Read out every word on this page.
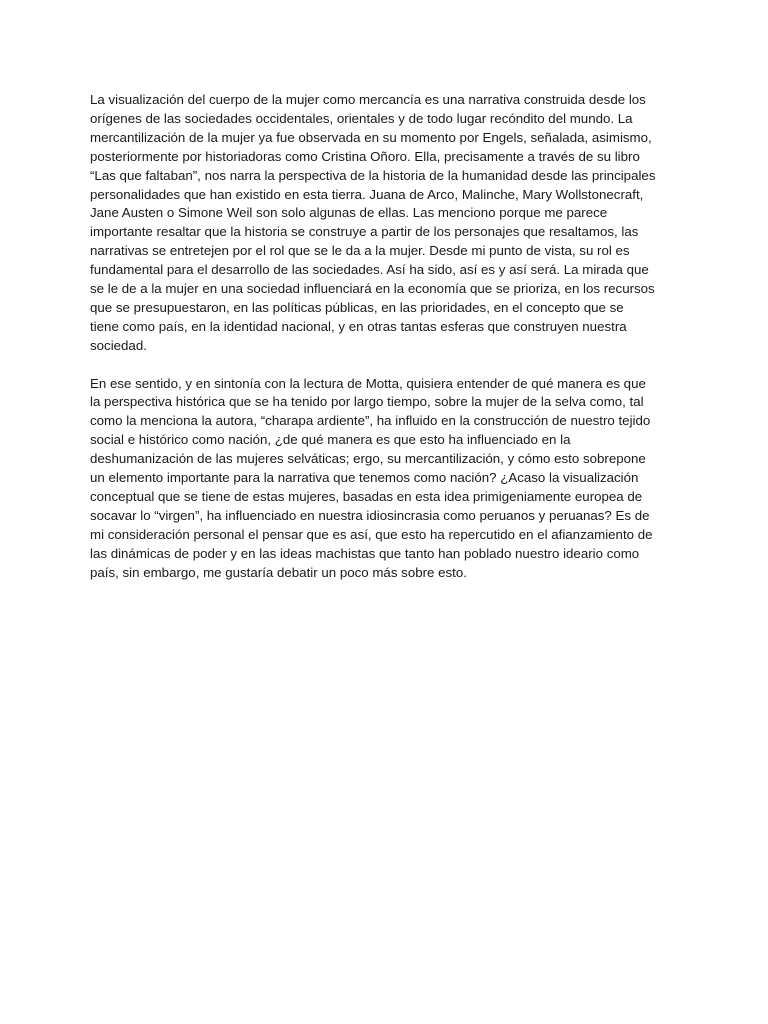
La visualización del cuerpo de la mujer como mercancía es una narrativa construida desde los
orígenes de las sociedades occidentales, orientales y de todo lugar recóndito del mundo. La
mercantilización de la mujer ya fue observada en su momento por Engels, señalada, asimismo,
posteriormente por historiadoras como Cristina Oñoro. Ella, precisamente a través de su libro
“Las que faltaban”, nos narra la perspectiva de la historia de la humanidad desde las principales
personalidades que han existido en esta tierra. Juana de Arco, Malinche, Mary Wollstonecraft,
Jane Austen o Simone Weil son solo algunas de ellas. Las menciono porque me parece
importante resaltar que la historia se construye a partir de los personajes que resaltamos, las
narrativas se entretejen por el rol que se le da a la mujer. Desde mi punto de vista, su rol es
fundamental para el desarrollo de las sociedades. Así ha sido, así es y así será. La mirada que
se le de a la mujer en una sociedad influenciará en la economía que se prioriza, en los recursos
que se presupuestaron, en las políticas públicas, en las prioridades, en el concepto que se
tiene como país, en la identidad nacional, y en otras tantas esferas que construyen nuestra
sociedad.

En ese sentido, y en sintonía con la lectura de Motta, quisiera entender de qué manera es que
la perspectiva histórica que se ha tenido por largo tiempo, sobre la mujer de la selva como, tal
como la menciona la autora, “charapa ardiente”, ha influido en la construcción de nuestro tejido
social e histórico como nación, ¿de qué manera es que esto ha influenciado en la
deshumanización de las mujeres selváticas; ergo, su mercantilización, y cómo esto sobrepone
un elemento importante para la narrativa que tenemos como nación? ¿Acaso la visualización
conceptual que se tiene de estas mujeres, basadas en esta idea primigeniamente europea de
socavar lo “virgen”, ha influenciado en nuestra idiosincrasia como peruanos y peruanas? Es de
mi consideración personal el pensar que es así, que esto ha repercutido en el afianzamiento de
las dinámicas de poder y en las ideas machistas que tanto han poblado nuestro ideario como
país, sin embargo, me gustaría debatir un poco más sobre esto.
